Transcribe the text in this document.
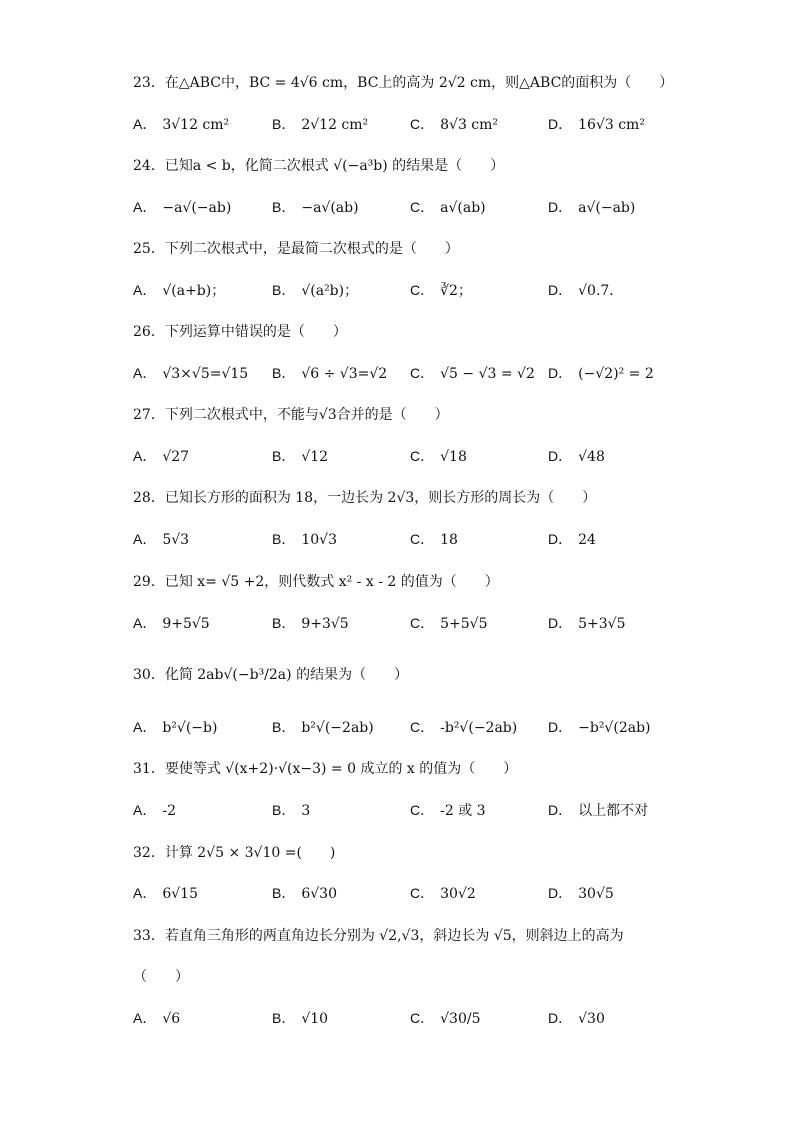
23．在△ABC中，BC = 4√6 cm，BC上的高为 2√2 cm，则△ABC的面积为（　　）
A． 3√12 cm²	B． 2√12 cm²	C． 8√3 cm²	D． 16√3 cm²
24．已知a < b，化简二次根式 √(−a³b) 的结果是（　　）
A． −a√(−ab)	B． −a√(ab)	C． a√(ab)	D． a√(−ab)
25．下列二次根式中，是最简二次根式的是（　　）
A． √(a+b)；	B． √(a²b)；	C． ∛2；	D． √0.7．
26．下列运算中错误的是（　　）
A． √3×√5=√15 B． √6 ÷ √3=√2 C． √5 − √3 = √2 D． (−√2)² = 2
27．下列二次根式中，不能与√3合并的是（　　）
A． √27	B． √12	C． √18	D． √48
28．已知长方形的面积为 18，一边长为 2√3，则长方形的周长为（　　）
A． 5√3	B． 10√3	C． 18	D． 24
29．已知 x= √5 +2，则代数式 x² - x - 2 的值为（　　）
A． 9+5√5	B． 9+3√5	C． 5+5√5	D． 5+3√5
30．化简 2ab√(−b³/2a) 的结果为（　　）
A． b²√(−b)	B． b²√(−2ab)	C． -b²√(−2ab) D． −b²√(2ab)
31．要使等式 √(x+2)·√(x−3) = 0 成立的 x 的值为（　　）
A． -2	B． 3	C． -2 或 3	D． 以上都不对
32．计算 2√5 × 3√10 =(　　)
A． 6√15	B． 6√30	C． 30√2	D． 30√5
33．若直角三角形的两直角边长分别为 √2,√3，斜边长为 √5，则斜边上的高为
（　　）
A． √6	B． √10	C． √30/5	D． √30
